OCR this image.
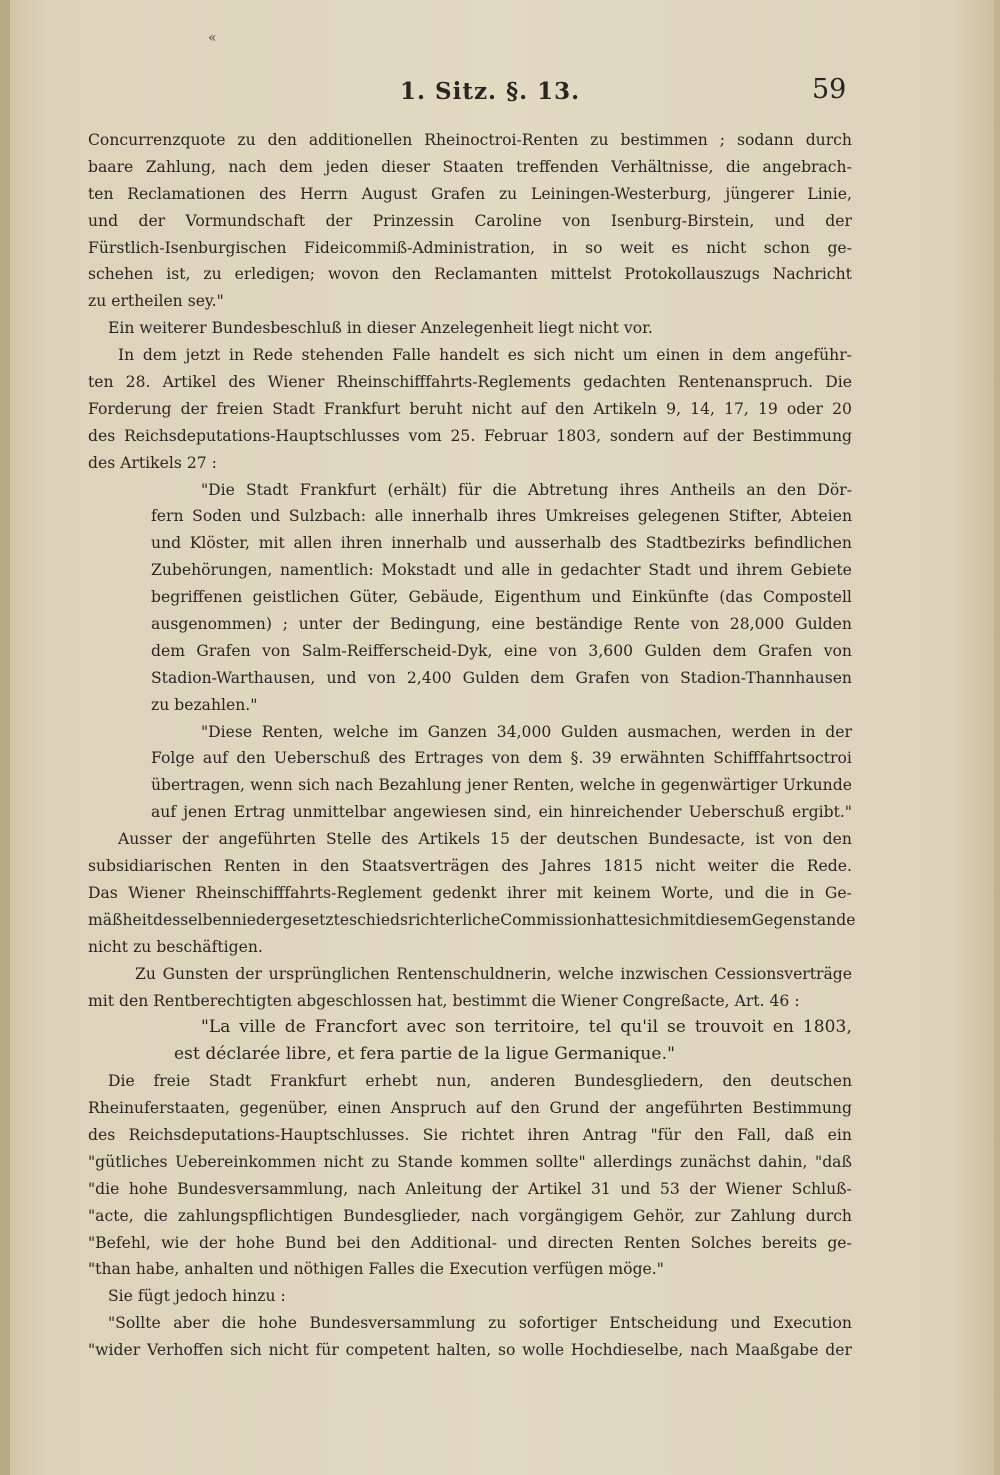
«
1. Sitz. §. 13.	59
Concurrenzquote zu den additionellen Rheinoctroi-Renten zu bestimmen ; sodann durch
baare Zahlung, nach dem jeden dieser Staaten treffenden Verhältnisse, die angebrach-
ten Reclamationen des Herrn August Grafen zu Leiningen-Westerburg, jüngerer Linie,
und der Vormundschaft der Prinzessin Caroline von Isenburg-Birstein, und der
Fürstlich-Isenburgischen Fideicommiß-Administration, in so weit es nicht schon ge-
schehen ist, zu erledigen; wovon den Reclamanten mittelst Protokollauszugs Nachricht
zu ertheilen sey."
Ein weiterer Bundesbeschluß in dieser Anzelegenheit liegt nicht vor.
In dem jetzt in Rede stehenden Falle handelt es sich nicht um einen in dem angeführ-
ten 28. Artikel des Wiener Rheinschifffahrts-Reglements gedachten Rentenanspruch. Die
Forderung der freien Stadt Frankfurt beruht nicht auf den Artikeln 9, 14, 17, 19 oder 20
des Reichsdeputations-Hauptschlusses vom 25. Februar 1803, sondern auf der Bestimmung
des Artikels 27 :
"Die Stadt Frankfurt (erhält) für die Abtretung ihres Antheils an den Dör-
fern Soden und Sulzbach: alle innerhalb ihres Umkreises gelegenen Stifter, Abteien
und Klöster, mit allen ihren innerhalb und ausserhalb des Stadtbezirks befindlichen
Zubehörungen, namentlich: Mokstadt und alle in gedachter Stadt und ihrem Gebiete
begriffenen geistlichen Güter, Gebäude, Eigenthum und Einkünfte (das Compostell
ausgenommen) ; unter der Bedingung, eine beständige Rente von 28,000 Gulden
dem Grafen von Salm-Reifferscheid-Dyk, eine von 3,600 Gulden dem Grafen von
Stadion-Warthausen, und von 2,400 Gulden dem Grafen von Stadion-Thannhausen
zu bezahlen."
"Diese Renten, welche im Ganzen 34,000 Gulden ausmachen, werden in der
Folge auf den Ueberschuß des Ertrages von dem §. 39 erwähnten Schifffahrtsoctroi
übertragen, wenn sich nach Bezahlung jener Renten, welche in gegenwärtiger Urkunde
auf jenen Ertrag unmittelbar angewiesen sind, ein hinreichender Ueberschuß ergibt."
Ausser der angeführten Stelle des Artikels 15 der deutschen Bundesacte, ist von den
subsidiarischen Renten in den Staatsverträgen des Jahres 1815 nicht weiter die Rede.
Das Wiener Rheinschifffahrts-Reglement gedenkt ihrer mit keinem Worte, und die in Ge-
mäßheit desselben niedergesetzte schiedsrichterliche Commission hatte sich mit diesem Gegenstande
nicht zu beschäftigen.
Zu Gunsten der ursprünglichen Rentenschuldnerin, welche inzwischen Cessionsverträge
mit den Rentberechtigten abgeschlossen hat, bestimmt die Wiener Congreßacte, Art. 46 :
"La ville de Francfort avec son territoire, tel qu'il se trouvoit en 1803,
est déclarée libre, et fera partie de la ligue Germanique."
Die freie Stadt Frankfurt erhebt nun, anderen Bundesgliedern, den deutschen
Rheinuferstaaten, gegenüber, einen Anspruch auf den Grund der angeführten Bestimmung
des Reichsdeputations-Hauptschlusses. Sie richtet ihren Antrag "für den Fall, daß ein
"gütliches Uebereinkommen nicht zu Stande kommen sollte" allerdings zunächst dahin, "daß
"die hohe Bundesversammlung, nach Anleitung der Artikel 31 und 53 der Wiener Schluß-
"acte, die zahlungspflichtigen Bundesglieder, nach vorgängigem Gehör, zur Zahlung durch
"Befehl, wie der hohe Bund bei den Additional- und directen Renten Solches bereits ge-
"than habe, anhalten und nöthigen Falles die Execution verfügen möge."
Sie fügt jedoch hinzu :
"Sollte aber die hohe Bundesversammlung zu sofortiger Entscheidung und Execution
"wider Verhoffen sich nicht für competent halten, so wolle Hochdieselbe, nach Maaßgabe der
